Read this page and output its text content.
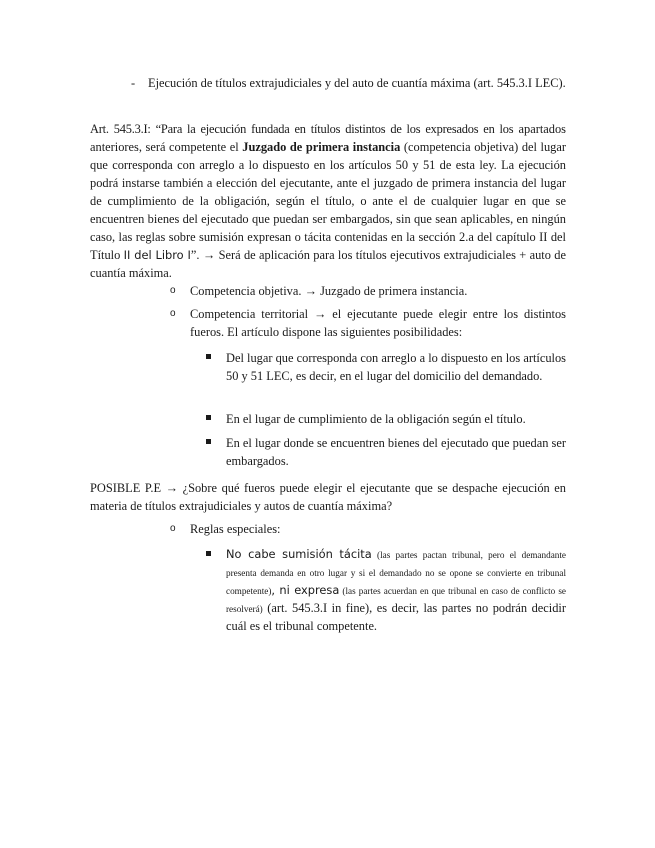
- Ejecución de títulos extrajudiciales y del auto de cuantía máxima (art. 545.3.I LEC).
Art. 545.3.I: “Para la ejecución fundada en títulos distintos de los expresados en los apartados anteriores, será competente el Juzgado de primera instancia (competencia objetiva) del lugar que corresponda con arreglo a lo dispuesto en los artículos 50 y 51 de esta ley. La ejecución podrá instarse también a elección del ejecutante, ante el juzgado de primera instancia del lugar de cumplimiento de la obligación, según el título, o ante el de cualquier lugar en que se encuentren bienes del ejecutado que puedan ser embargados, sin que sean aplicables, en ningún caso, las reglas sobre sumisión expresan o tácita contenidas en la sección 2.a del capítulo II del Título II del Libro I”. → Será de aplicación para los títulos ejecutivos extrajudiciales + auto de cuantía máxima.
o Competencia objetiva. → Juzgado de primera instancia.
o Competencia territorial → el ejecutante puede elegir entre los distintos fueros. El artículo dispone las siguientes posibilidades:
Del lugar que corresponda con arreglo a lo dispuesto en los artículos 50 y 51 LEC, es decir, en el lugar del domicilio del demandado.
En el lugar de cumplimiento de la obligación según el título.
En el lugar donde se encuentren bienes del ejecutado que puedan ser embargados.
POSIBLE P.E → ¿Sobre qué fueros puede elegir el ejecutante que se despache ejecución en materia de títulos extrajudiciales y autos de cuantía máxima?
o Reglas especiales:
No cabe sumisión tácita (las partes pactan tribunal, pero el demandante presenta demanda en otro lugar y si el demandado no se opone se convierte en tribunal competente), ni expresa (las partes acuerdan en que tribunal en caso de conflicto se resolverá) (art. 545.3.I in fine), es decir, las partes no podrán decidir cuál es el tribunal competente.
